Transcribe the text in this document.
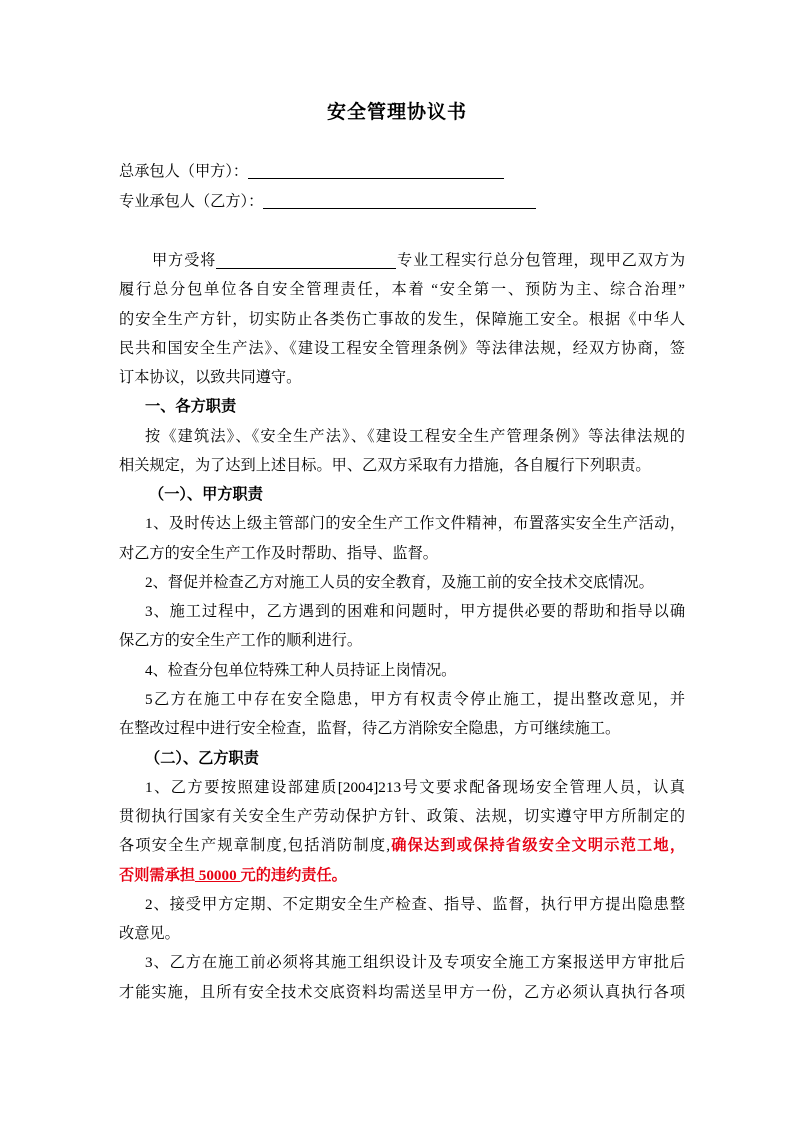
安全管理协议书
总承包人（甲方）：
专业承包人（乙方）：
甲方受将	专业工程实行总分包管理，现甲乙双方为
履行总分包单位各自安全管理责任，本着 “安全第一、预防为主、综合治理”
的安全生产方针，切实防止各类伤亡事故的发生，保障施工安全。根据《中华人
民共和国安全生产法》、《建设工程安全管理条例》等法律法规，经双方协商，签
订本协议，以致共同遵守。
一、各方职责
按《建筑法》、《安全生产法》、《建设工程安全生产管理条例》等法律法规的
相关规定，为了达到上述目标。甲、乙双方采取有力措施，各自履行下列职责。
（一）、甲方职责
1、及时传达上级主管部门的安全生产工作文件精神，布置落实安全生产活动，
对乙方的安全生产工作及时帮助、指导、监督。
2、督促并检查乙方对施工人员的安全教育，及施工前的安全技术交底情况。
3、施工过程中，乙方遇到的困难和问题时，甲方提供必要的帮助和指导以确
保乙方的安全生产工作的顺利进行。
4、检查分包单位特殊工种人员持证上岗情况。
5乙方在施工中存在安全隐患，甲方有权责令停止施工，提出整改意见，并
在整改过程中进行安全检查，监督，待乙方消除安全隐患，方可继续施工。
（二）、乙方职责
1、乙方要按照建设部建质[2004]213号文要求配备现场安全管理人员，认真
贯彻执行国家有关安全生产劳动保护方针、政策、法规，切实遵守甲方所制定的
各项安全生产规章制度,包括消防制度,确保达到或保持省级安全文明示范工地，
否则需承担 50000 元的违约责任。
2、接受甲方定期、不定期安全生产检查、指导、监督，执行甲方提出隐患整
改意见。
3、乙方在施工前必须将其施工组织设计及专项安全施工方案报送甲方审批后
才能实施，且所有安全技术交底资料均需送呈甲方一份，乙方必须认真执行各项
